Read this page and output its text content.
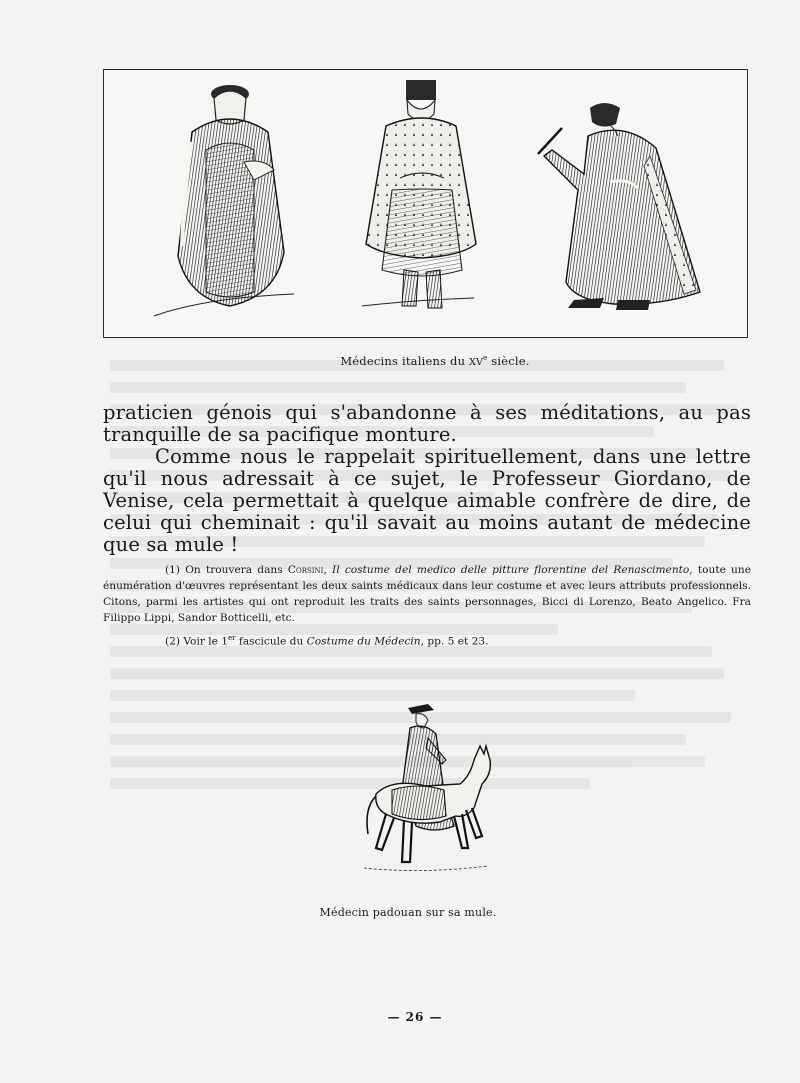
Médecins italiens du XVe siècle.

praticien génois qui s'abandonne à ses méditations, au pas tranquille de sa pacifique monture.

Comme nous le rappelait spirituellement, dans une lettre qu'il nous adressait à ce sujet, le Professeur Giordano, de Venise, cela permettait à quelque aimable confrère de dire, de celui qui cheminait : qu'il savait au moins autant de médecine que sa mule !

(1) On trouvera dans Corsini, Il costume del medico delle pitture florentine del Renascimento, toute une énumération d'œuvres représentant les deux saints médicaux dans leur costume et avec leurs attributs professionnels. Citons, parmi les artistes qui ont reproduit les traits des saints personnages, Bicci di Lorenzo, Beato Angelico. Fra Filippo Lippi, Sandor Botticelli, etc.

(2) Voir le 1er fascicule du Costume du Médecin, pp. 5 et 23.

Médecin padouan sur sa mule.
— 26 —
